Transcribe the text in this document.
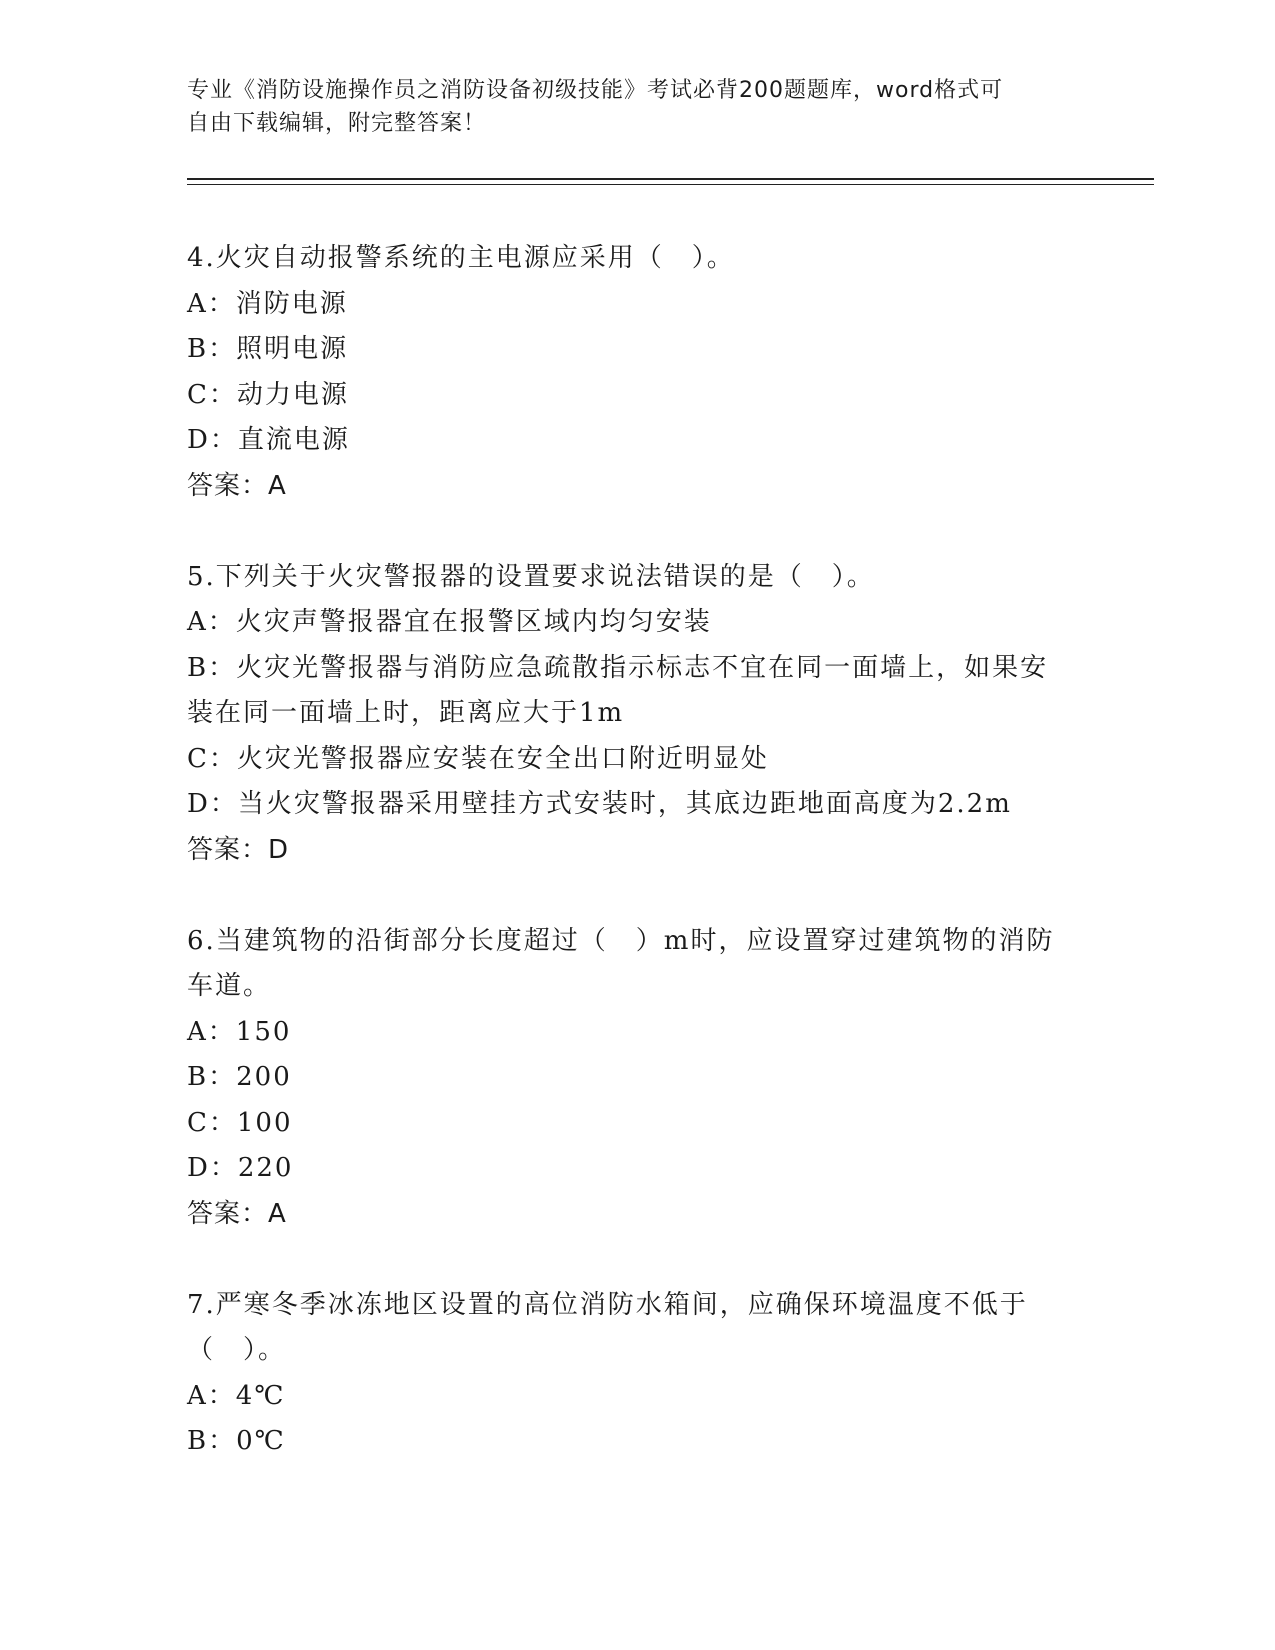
专业《消防设施操作员之消防设备初级技能》考试必背200题题库，word格式可
自由下载编辑，附完整答案！
4.火灾自动报警系统的主电源应采用（　）。
A：消防电源
B：照明电源
C：动力电源
D：直流电源
答案：A
5.下列关于火灾警报器的设置要求说法错误的是（　）。
A：火灾声警报器宜在报警区域内均匀安装
B：火灾光警报器与消防应急疏散指示标志不宜在同一面墙上，如果安
装在同一面墙上时，距离应大于1m
C：火灾光警报器应安装在安全出口附近明显处
D：当火灾警报器采用壁挂方式安装时，其底边距地面高度为2.2m
答案：D
6.当建筑物的沿街部分长度超过（　）m时，应设置穿过建筑物的消防
车道。
A：150
B：200
C：100
D：220
答案：A
7.严寒冬季冰冻地区设置的高位消防水箱间，应确保环境温度不低于
（　）。
A：4℃
B：0℃
